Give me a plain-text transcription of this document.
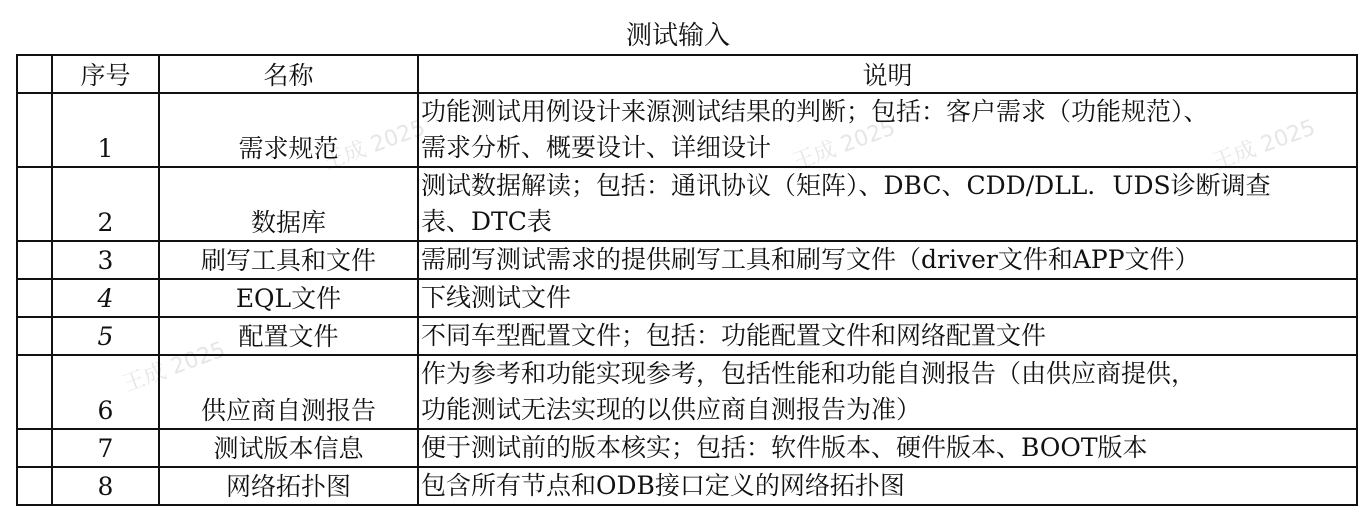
王成 2025	王成 2025	王成 2025
王成 2025
测试输入
	序号	名称	说明
	1	需求规范	功能测试用例设计来源测试结果的判断；包括：客户需求（功能规范）、
需求分析、概要设计、详细设计

	2	数据库	测试数据解读；包括：通讯协议（矩阵）、DBC、CDD/DLL．UDS诊断调查
表、DTC表

	3	刷写工具和文件	需刷写测试需求的提供刷写工具和刷写文件（driver文件和APP文件）
	4	EQL文件	下线测试文件
	5	配置文件	不同车型配置文件；包括：功能配置文件和网络配置文件
	6	供应商自测报告	作为参考和功能实现参考，包括性能和功能自测报告（由供应商提供，
功能测试无法实现的以供应商自测报告为准）

	7	测试版本信息	便于测试前的版本核实；包括：软件版本、硬件版本、BOOT版本
	8	网络拓扑图	包含所有节点和ODB接口定义的网络拓扑图
